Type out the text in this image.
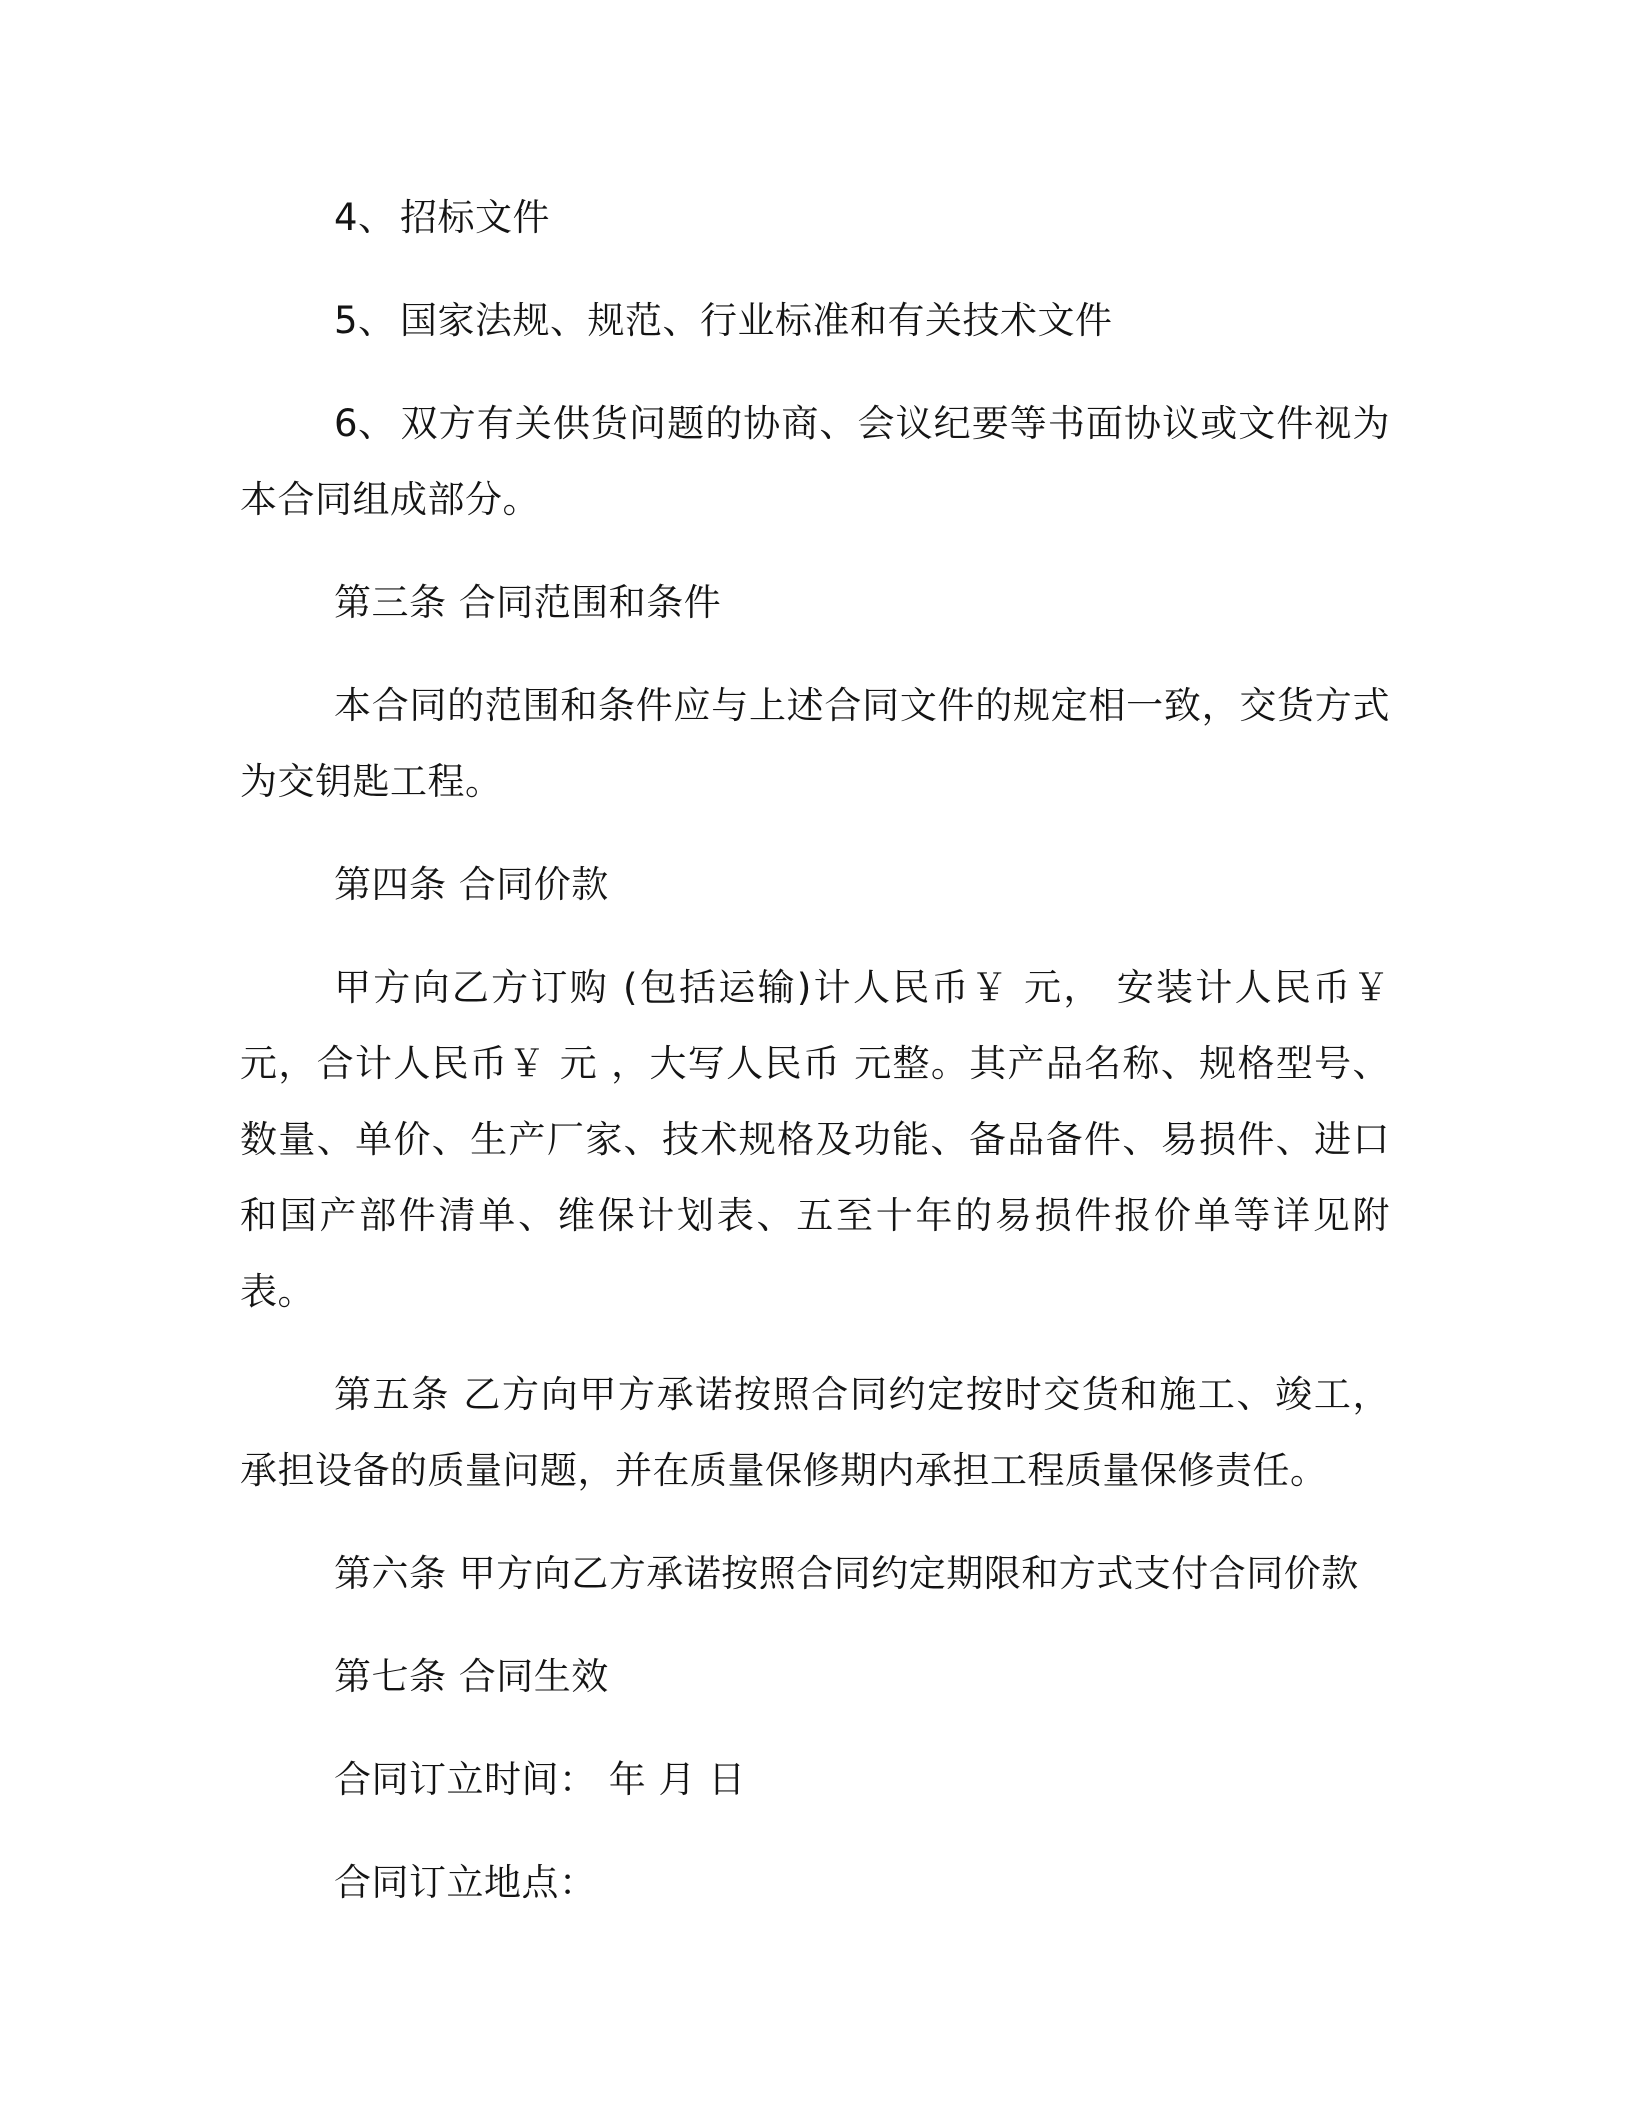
4、 招标文件

5、 国家法规、规范、行业标准和有关技术文件

6、 双方有关供货问题的协商、会议纪要等书面协议或文件视为本合同组成部分。

第三条 合同范围和条件

本合同的范围和条件应与上述合同文件的规定相一致，交货方式为交钥匙工程。

第四条 合同价款

甲方向乙方订购 (包括运输)计人民币￥ 元， 安装计人民币￥ 元，合计人民币￥ 元 ，大写人民币 元整。其产品名称、规格型号、数量、单价、生产厂家、技术规格及功能、备品备件、易损件、进口和国产部件清单、维保计划表、五至十年的易损件报价单等详见附表。

第五条 乙方向甲方承诺按照合同约定按时交货和施工、竣工，承担设备的质量问题，并在质量保修期内承担工程质量保修责任。

第六条 甲方向乙方承诺按照合同约定期限和方式支付合同价款

第七条 合同生效

合同订立时间： 年 月 日

合同订立地点：
